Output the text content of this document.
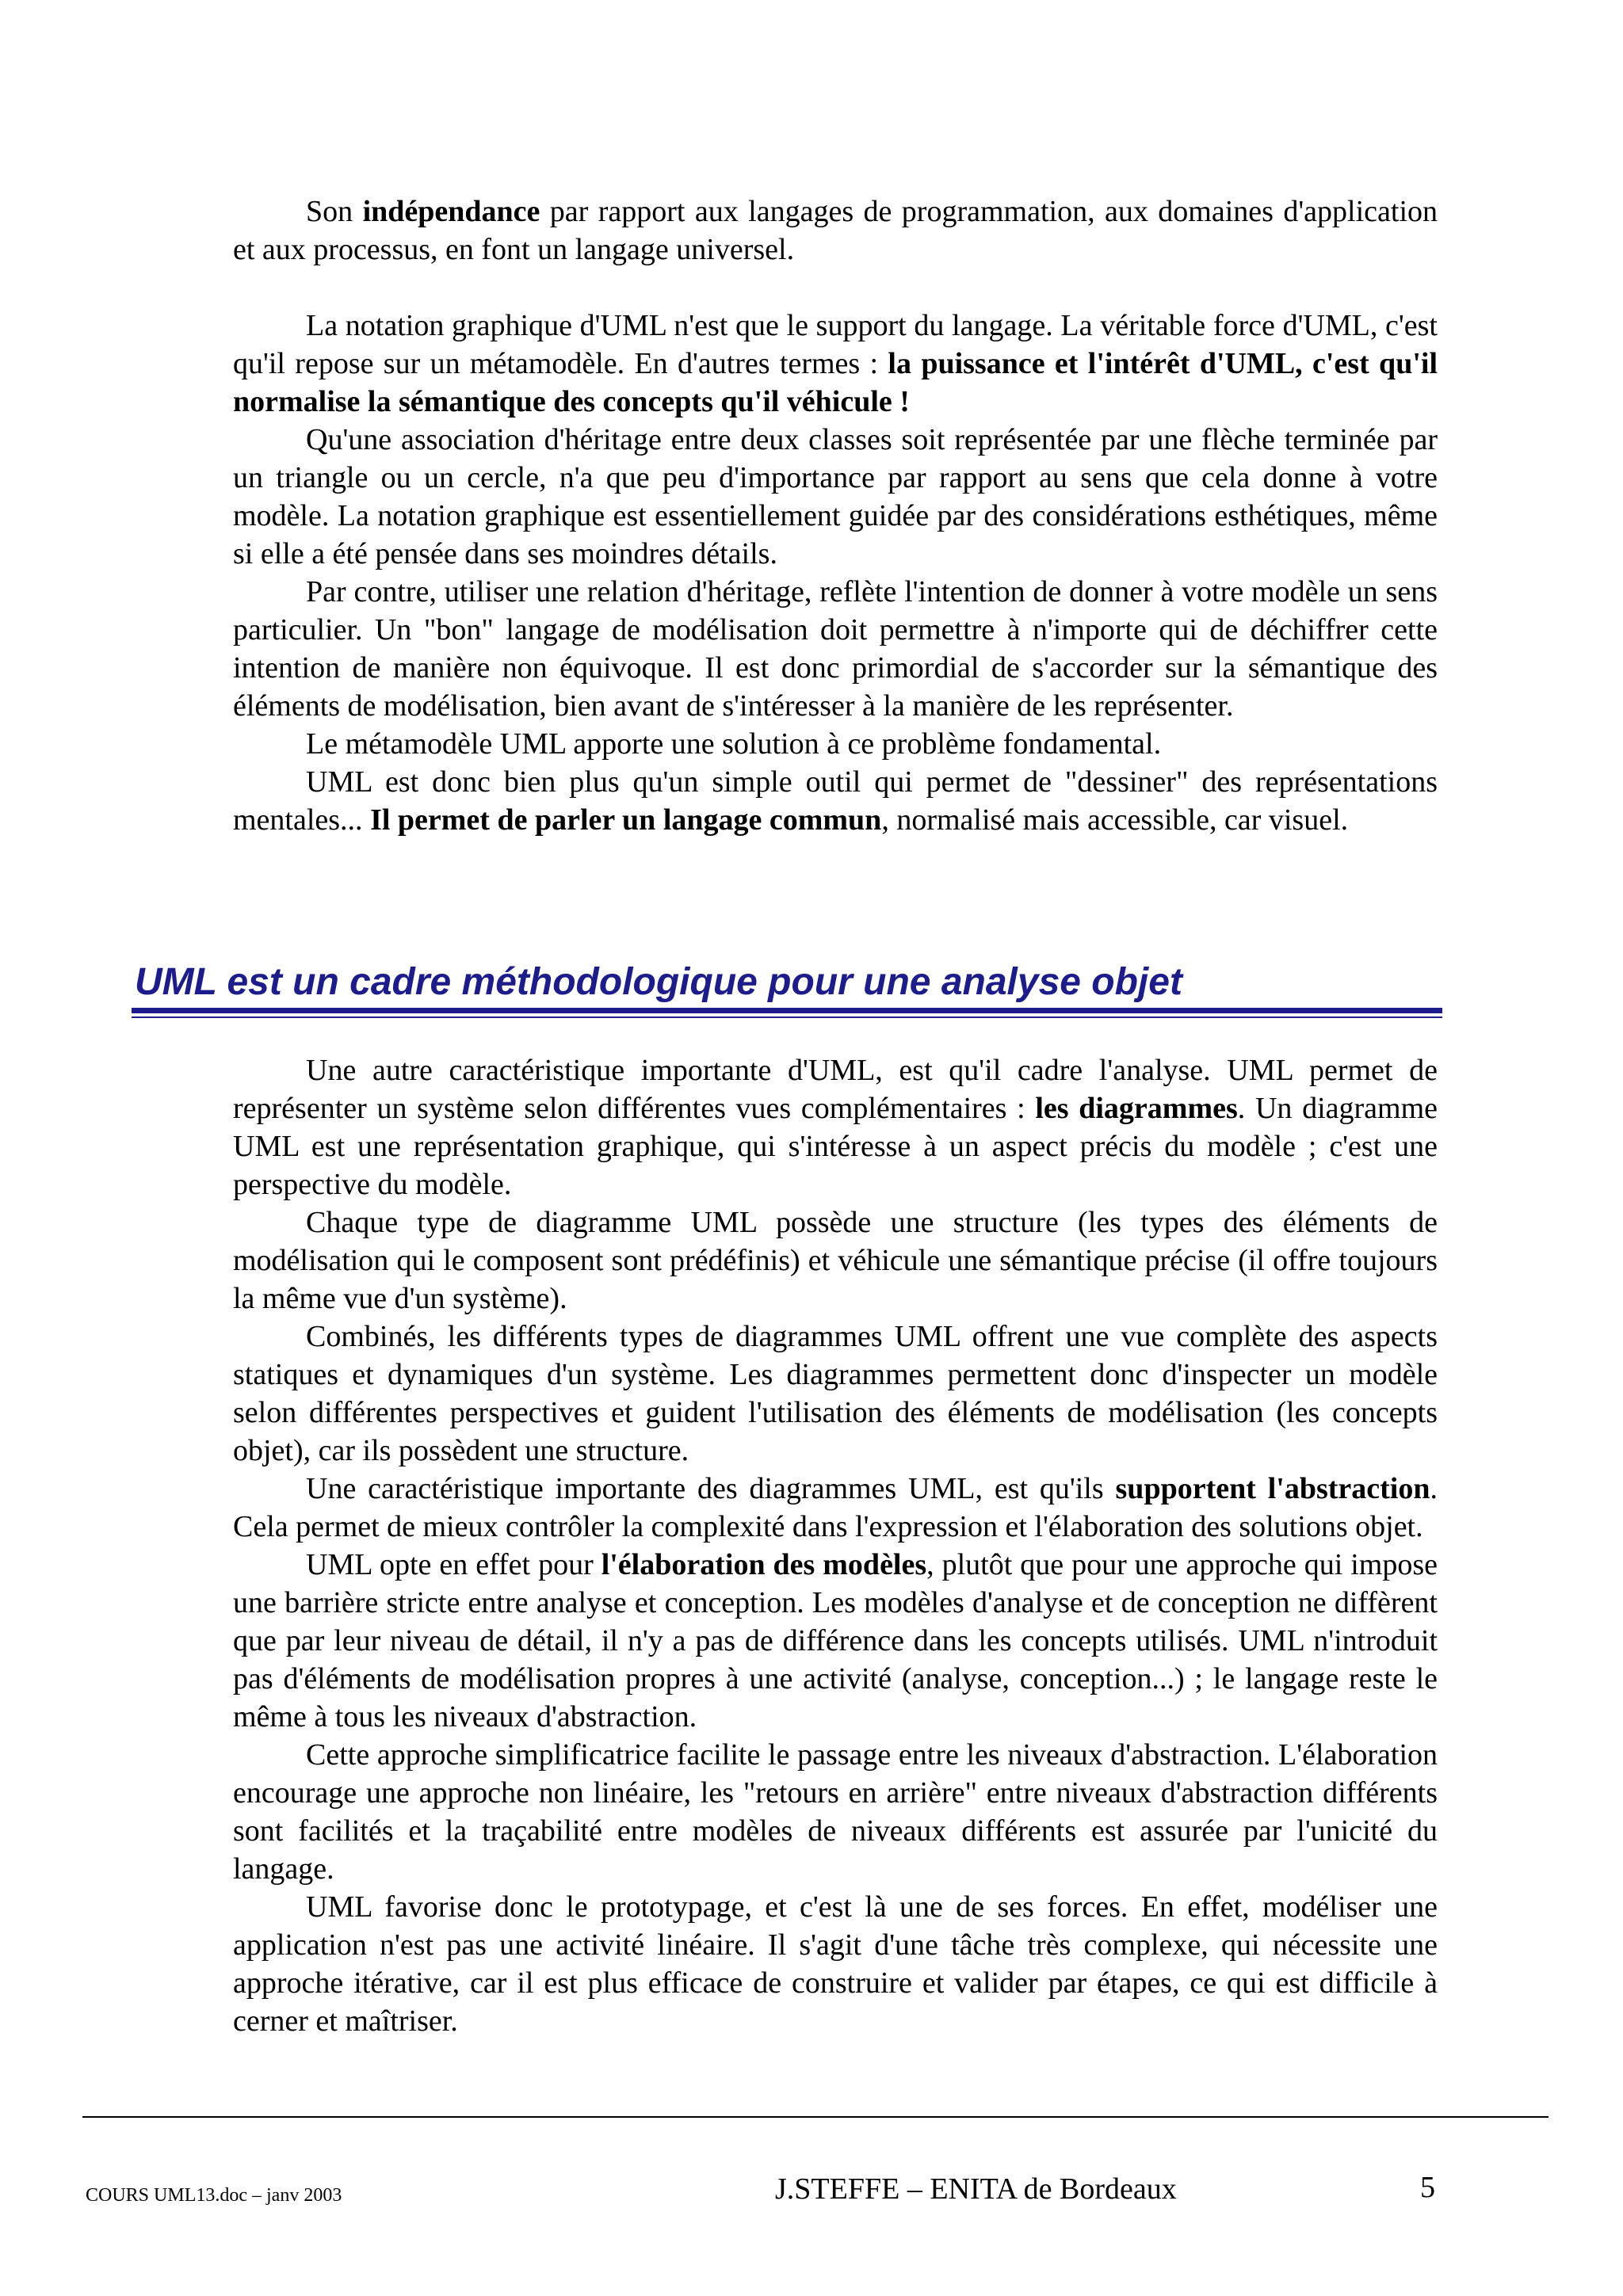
Son indépendance par rapport aux langages de programmation, aux domaines d'application et aux processus, en font un langage universel.

La notation graphique d'UML n'est que le support du langage. La véritable force d'UML, c'est qu'il repose sur un métamodèle. En d'autres termes : la puissance et l'intérêt d'UML, c'est qu'il normalise la sémantique des concepts qu'il véhicule !

Qu'une association d'héritage entre deux classes soit représentée par une flèche terminée par un triangle ou un cercle, n'a que peu d'importance par rapport au sens que cela donne à votre modèle. La notation graphique est essentiellement guidée par des considérations esthétiques, même si elle a été pensée dans ses moindres détails.

Par contre, utiliser une relation d'héritage, reflète l'intention de donner à votre modèle un sens particulier. Un "bon" langage de modélisation doit permettre à n'importe qui de déchiffrer cette intention de manière non équivoque. Il est donc primordial de s'accorder sur la sémantique des éléments de modélisation, bien avant de s'intéresser à la manière de les représenter.

Le métamodèle UML apporte une solution à ce problème fondamental.

UML est donc bien plus qu'un simple outil qui permet de "dessiner" des représentations mentales... Il permet de parler un langage commun, normalisé mais accessible, car visuel.

UML est un cadre méthodologique pour une analyse objet

Une autre caractéristique importante d'UML, est qu'il cadre l'analyse. UML permet de représenter un système selon différentes vues complémentaires : les diagrammes. Un diagramme UML est une représentation graphique, qui s'intéresse à un aspect précis du modèle ; c'est une perspective du modèle.

Chaque type de diagramme UML possède une structure (les types des éléments de modélisation qui le composent sont prédéfinis) et véhicule une sémantique précise (il offre toujours la même vue d'un système).

Combinés, les différents types de diagrammes UML offrent une vue complète des aspects statiques et dynamiques d'un système. Les diagrammes permettent donc d'inspecter un modèle selon différentes perspectives et guident l'utilisation des éléments de modélisation (les concepts objet), car ils possèdent une structure.

Une caractéristique importante des diagrammes UML, est qu'ils supportent l'abstraction. Cela permet de mieux contrôler la complexité dans l'expression et l'élaboration des solutions objet.

UML opte en effet pour l'élaboration des modèles, plutôt que pour une approche qui impose une barrière stricte entre analyse et conception. Les modèles d'analyse et de conception ne diffèrent que par leur niveau de détail, il n'y a pas de différence dans les concepts utilisés. UML n'introduit pas d'éléments de modélisation propres à une activité (analyse, conception...) ; le langage reste le même à tous les niveaux d'abstraction.

Cette approche simplificatrice facilite le passage entre les niveaux d'abstraction. L'élaboration encourage une approche non linéaire, les "retours en arrière" entre niveaux d'abstraction différents sont facilités et la traçabilité entre modèles de niveaux différents est assurée par l'unicité du langage.

UML favorise donc le prototypage, et c'est là une de ses forces. En effet, modéliser une application n'est pas une activité linéaire. Il s'agit d'une tâche très complexe, qui nécessite une approche itérative, car il est plus efficace de construire et valider par étapes, ce qui est difficile à cerner et maîtriser.

COURS UML13.doc – janv 2003	J.STEFFE – ENITA de Bordeaux	5
